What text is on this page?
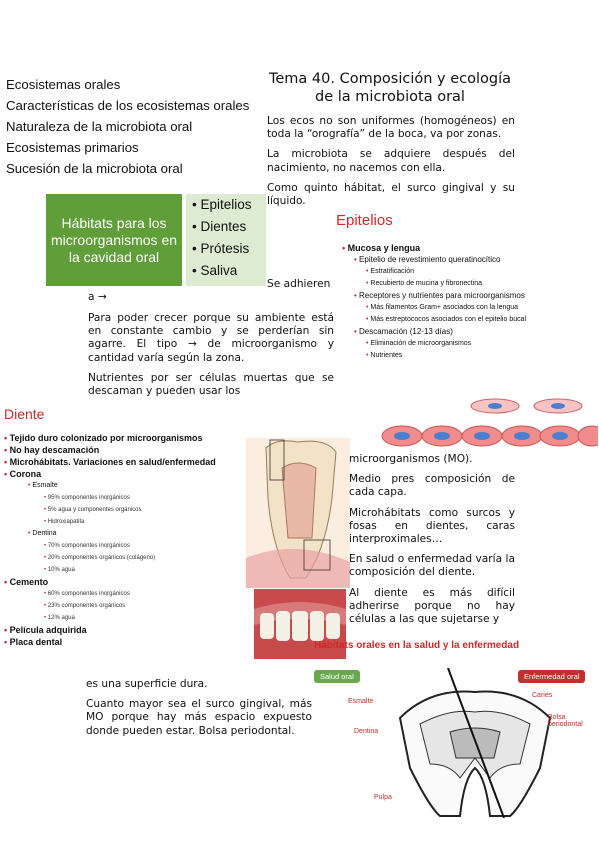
Ecosistemas orales
Características de los ecosistemas orales
Naturaleza de la microbiota oral
Ecosistemas primarios
Sucesión de la microbiota oral
Tema 40. Composición y ecología de la microbiota oral

Los ecos no son uniformes (homogéneos) en toda la “orografía” de la boca, va por zonas.

La microbiota se adquiere después del nacimiento, no nacemos con ella.

Como quinto hábitat, el surco gingival y su líquido.

Hábitats para los microorganismos en la cavidad oral
• Epitelios
• Dientes
• Prótesis
• Saliva
Se adhieren
a →

Para poder crecer porque su ambiente está en constante cambio y se perderían sin agarre. El tipo → de microorganismo y cantidad varía según la zona.

Nutrientes por ser células muertas que se descaman y pueden usar los

Epitelios
• Mucosa y lengua
• Epitelio de revestimiento queratinocítico
• Estratificación
• Recubierto de mucina y fibronectina
• Receptores y nutrientes para microorganismos
• Más filamentos Gram+ asociados con la lengua
• Más estreptococos asociados con el epitelio bucal
• Descamación (12-13 días)
• Eliminación de microorganismos
• Nutrientes
Diente
• Tejido duro colonizado por microorganismos
• No hay descamación
• Microhábitats. Variaciones en salud/enfermedad
• Corona
• Esmalte
• 95% componentes inorgánicos
• 5% agua y componentes orgánicos
• Hidroxiapatita
• Dentina
• 70% componentes inorgánicos
• 20% componentes orgánicos (colágeno)
• 10% agua
• Cemento
• 60% componentes inorgánicos
• 23% componentes orgánicos
• 12% agua
• Película adquirida
• Placa dental

microorganismos (MO).

Medio pres composición de cada capa.

Microhábitats como surcos y fosas en dientes, caras interproximales…

En salud o enfermedad varía la composición del diente.

Al diente es más difícil adherirse porque no hay células a las que sujetarse y

es una superficie dura.

Cuanto mayor sea el surco gingival, más MO porque hay más espacio expuesto donde pueden estar. Bolsa periodontal.

Hábitats orales en la salud y la enfermedad
Salud oral	Enfermedad oral
Esmalte
Dentina
Pulpa
Caries
Bolsa periodontal
